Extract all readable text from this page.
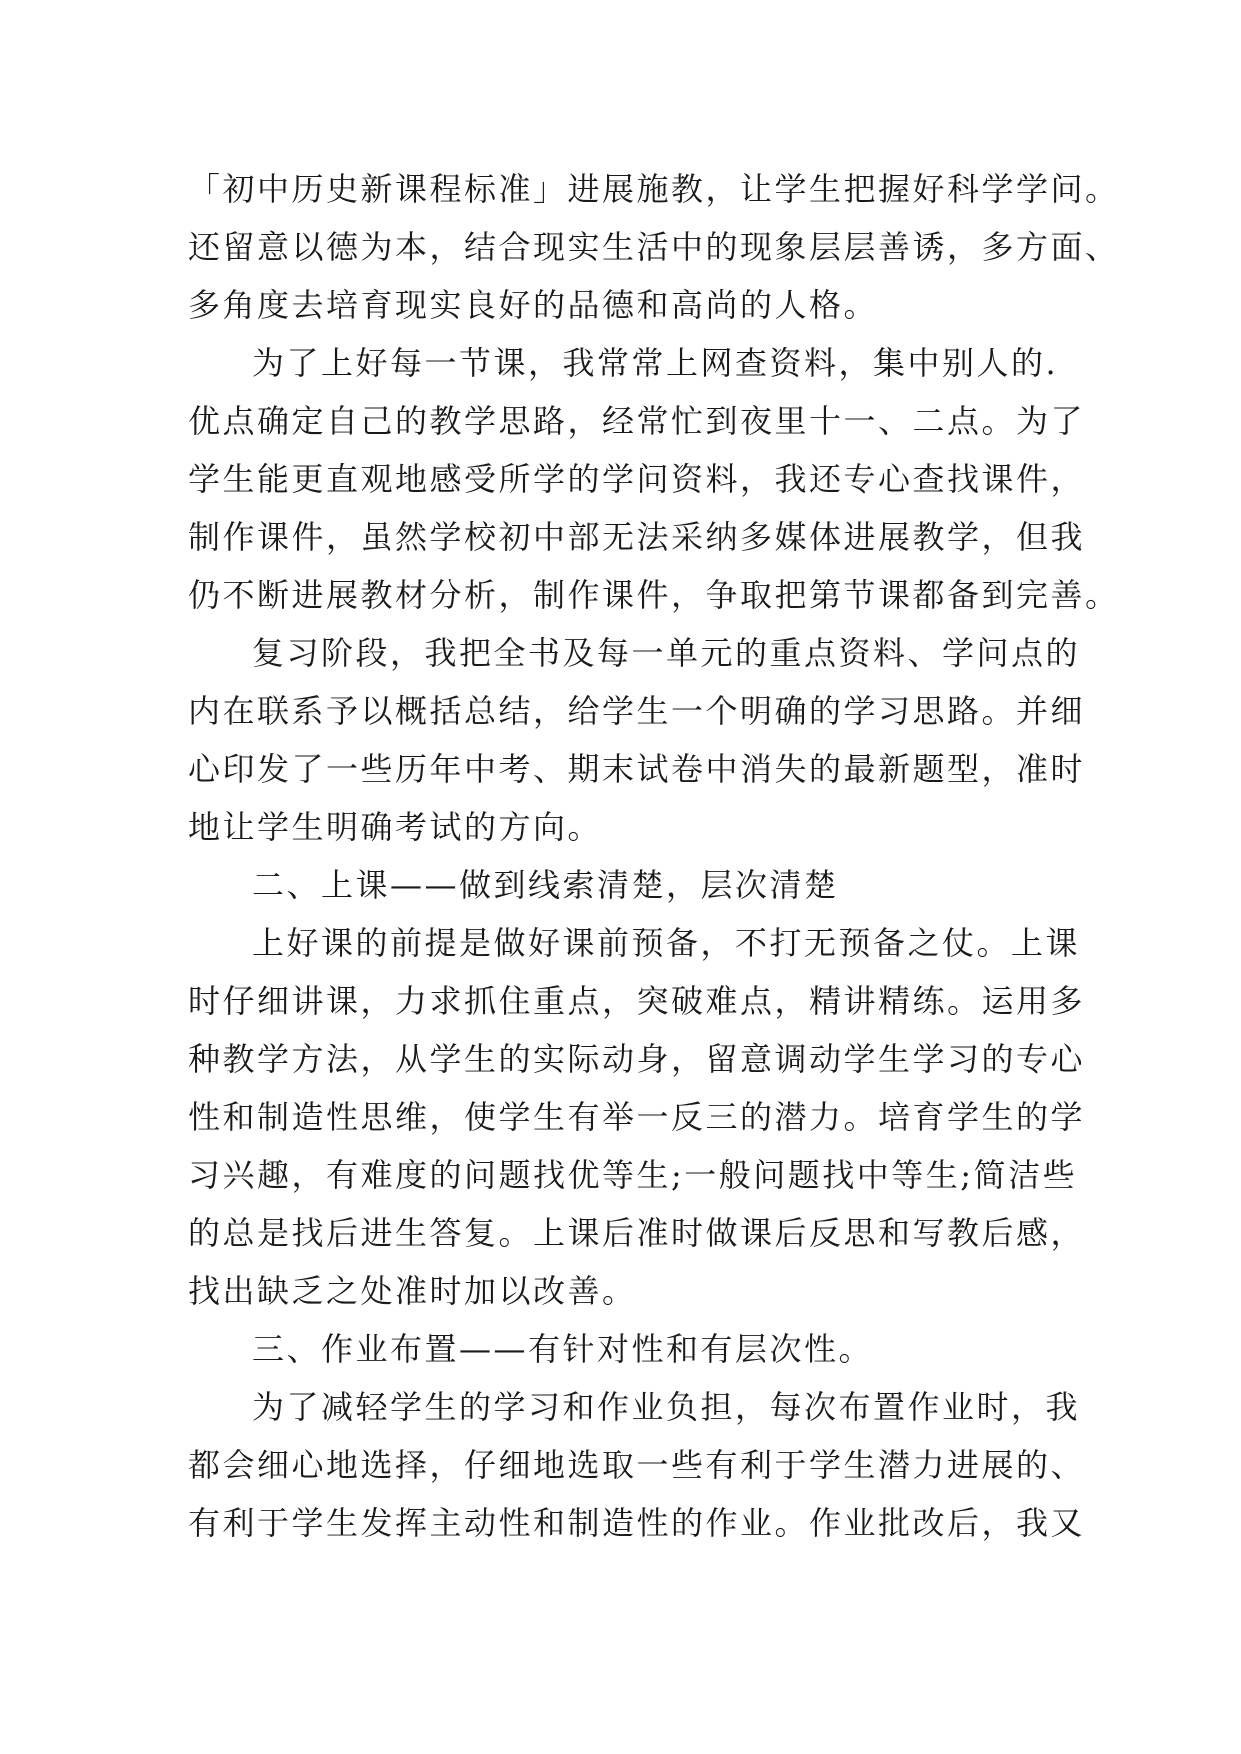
「初中历史新课程标准」进展施教，让学生把握好科学学问。
还留意以德为本，结合现实生活中的现象层层善诱，多方面、
多角度去培育现实良好的品德和高尚的人格。
为了上好每一节课，我常常上网查资料，集中别人的.
优点确定自己的教学思路，经常忙到夜里十一、二点。为了
学生能更直观地感受所学的学问资料，我还专心查找课件，
制作课件，虽然学校初中部无法采纳多媒体进展教学，但我
仍不断进展教材分析，制作课件，争取把第节课都备到完善。
复习阶段，我把全书及每一单元的重点资料、学问点的
内在联系予以概括总结，给学生一个明确的学习思路。并细
心印发了一些历年中考、期末试卷中消失的最新题型，准时
地让学生明确考试的方向。
二、上课——做到线索清楚，层次清楚
上好课的前提是做好课前预备，不打无预备之仗。上课
时仔细讲课，力求抓住重点，突破难点，精讲精练。运用多
种教学方法，从学生的实际动身，留意调动学生学习的专心
性和制造性思维，使学生有举一反三的潜力。培育学生的学
习兴趣，有难度的问题找优等生;一般问题找中等生;简洁些
的总是找后进生答复。上课后准时做课后反思和写教后感，
找出缺乏之处准时加以改善。
三、作业布置——有针对性和有层次性。
为了减轻学生的学习和作业负担，每次布置作业时，我
都会细心地选择，仔细地选取一些有利于学生潜力进展的、
有利于学生发挥主动性和制造性的作业。作业批改后，我又
